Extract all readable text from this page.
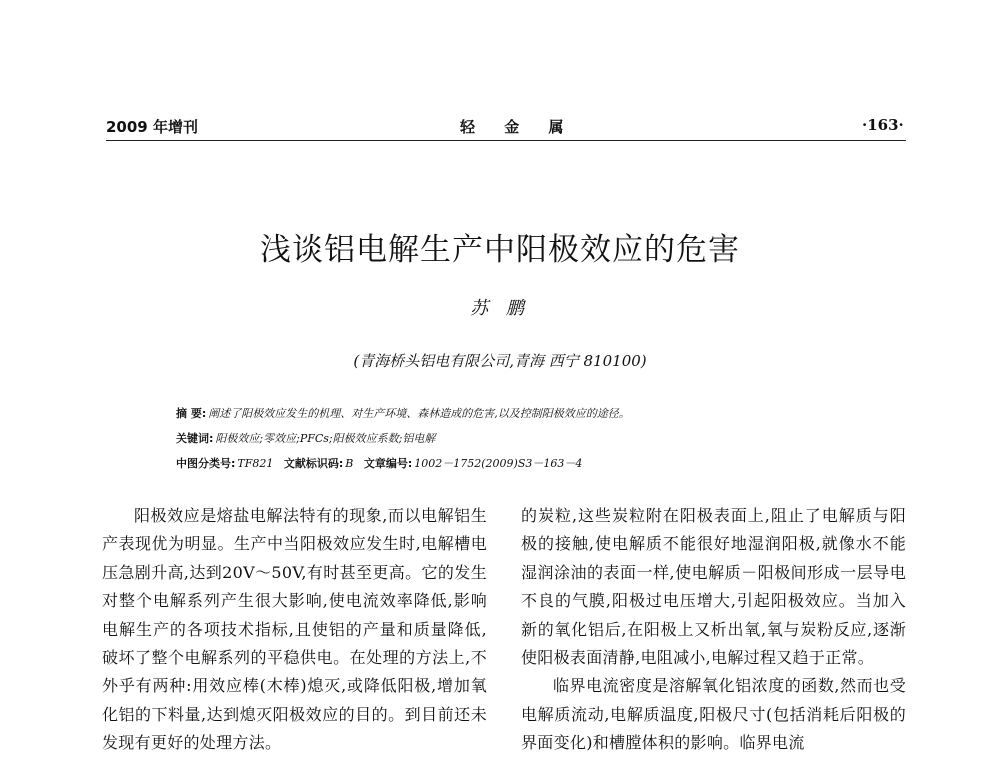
2009 年增刊	轻 金 属	·163·
浅谈铝电解生产中阳极效应的危害
苏 鹏
(青海桥头铝电有限公司,青海 西宁 810100)
摘 要: 阐述了阳极效应发生的机理、对生产环境、森林造成的危害,以及控制阳极效应的途径。
关键词: 阳极效应;零效应;PFCs;阳极效应系数;铝电解
中图分类号: TF821 文献标识码: B 文章编号: 1002－1752(2009)S3－163－4

阳极效应是熔盐电解法特有的现象,而以电解铝生产表现优为明显。生产中当阳极效应发生时,电解槽电压急剧升高,达到20V～50V,有时甚至更高。它的发生对整个电解系列产生很大影响,使电流效率降低,影响电解生产的各项技术指标,且使铝的产量和质量降低,破坏了整个电解系列的平稳供电。在处理的方法上,不外乎有两种:用效应棒(木棒)熄灭,或降低阳极,增加氧化铝的下料量,达到熄灭阳极效应的目的。到目前还未发现有更好的处理方法。

的炭粒,这些炭粒附在阳极表面上,阻止了电解质与阳极的接触,使电解质不能很好地湿润阳极,就像水不能湿润涂油的表面一样,使电解质－阳极间形成一层导电不良的气膜,阳极过电压增大,引起阳极效应。当加入新的氧化铝后,在阳极上又析出氧,氧与炭粉反应,逐渐使阳极表面清静,电阻减小,电解过程又趋于正常。

临界电流密度是溶解氧化铝浓度的函数,然而也受电解质流动,电解质温度,阳极尺寸(包括消耗后阳极的界面变化)和槽膛体积的影响。临界电流
